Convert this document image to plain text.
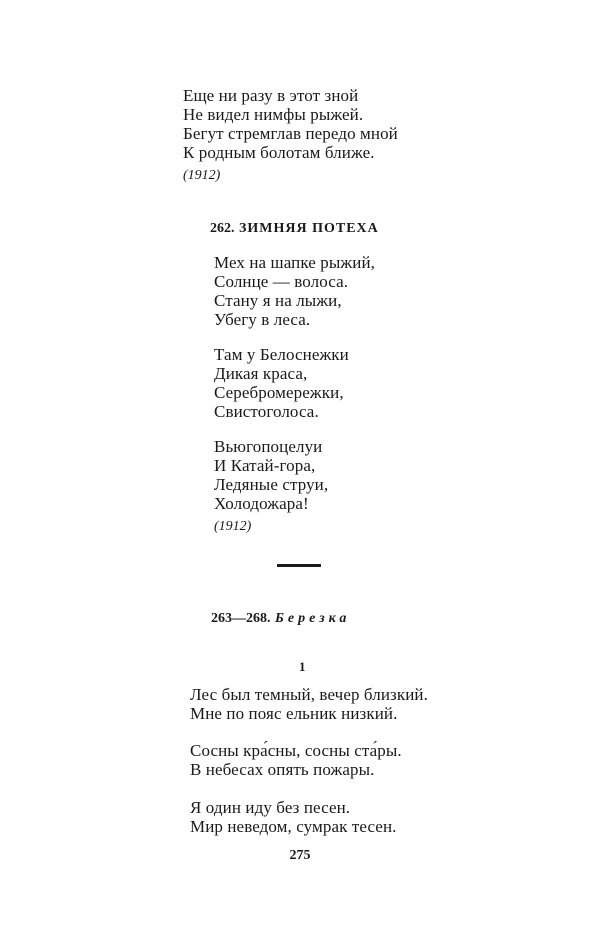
Еще ни разу в этот зной
Не видел нимфы рыжей.
Бегут стремглав передо мной
К родным болотам ближе.
(1912)
262. ЗИМНЯЯ ПОТЕХА
Мех на шапке рыжий,
Солнце — волоса.
Стану я на лыжи,
Убегу в леса.
Там у Белоснежки
Дикая краса,
Серебромережки,
Свистоголоса.
Вьюгопоцелуи
И Катай-гора,
Ледяные струи,
Холодожара!
(1912)
263—268. Березка
1
Лес был темный, вечер близкий.
Мне по пояс ельник низкий.
Сосны кра́сны, сосны ста́ры.
В небесах опять пожары.
Я один иду без песен.
Мир неведом, сумрак тесен.
275
